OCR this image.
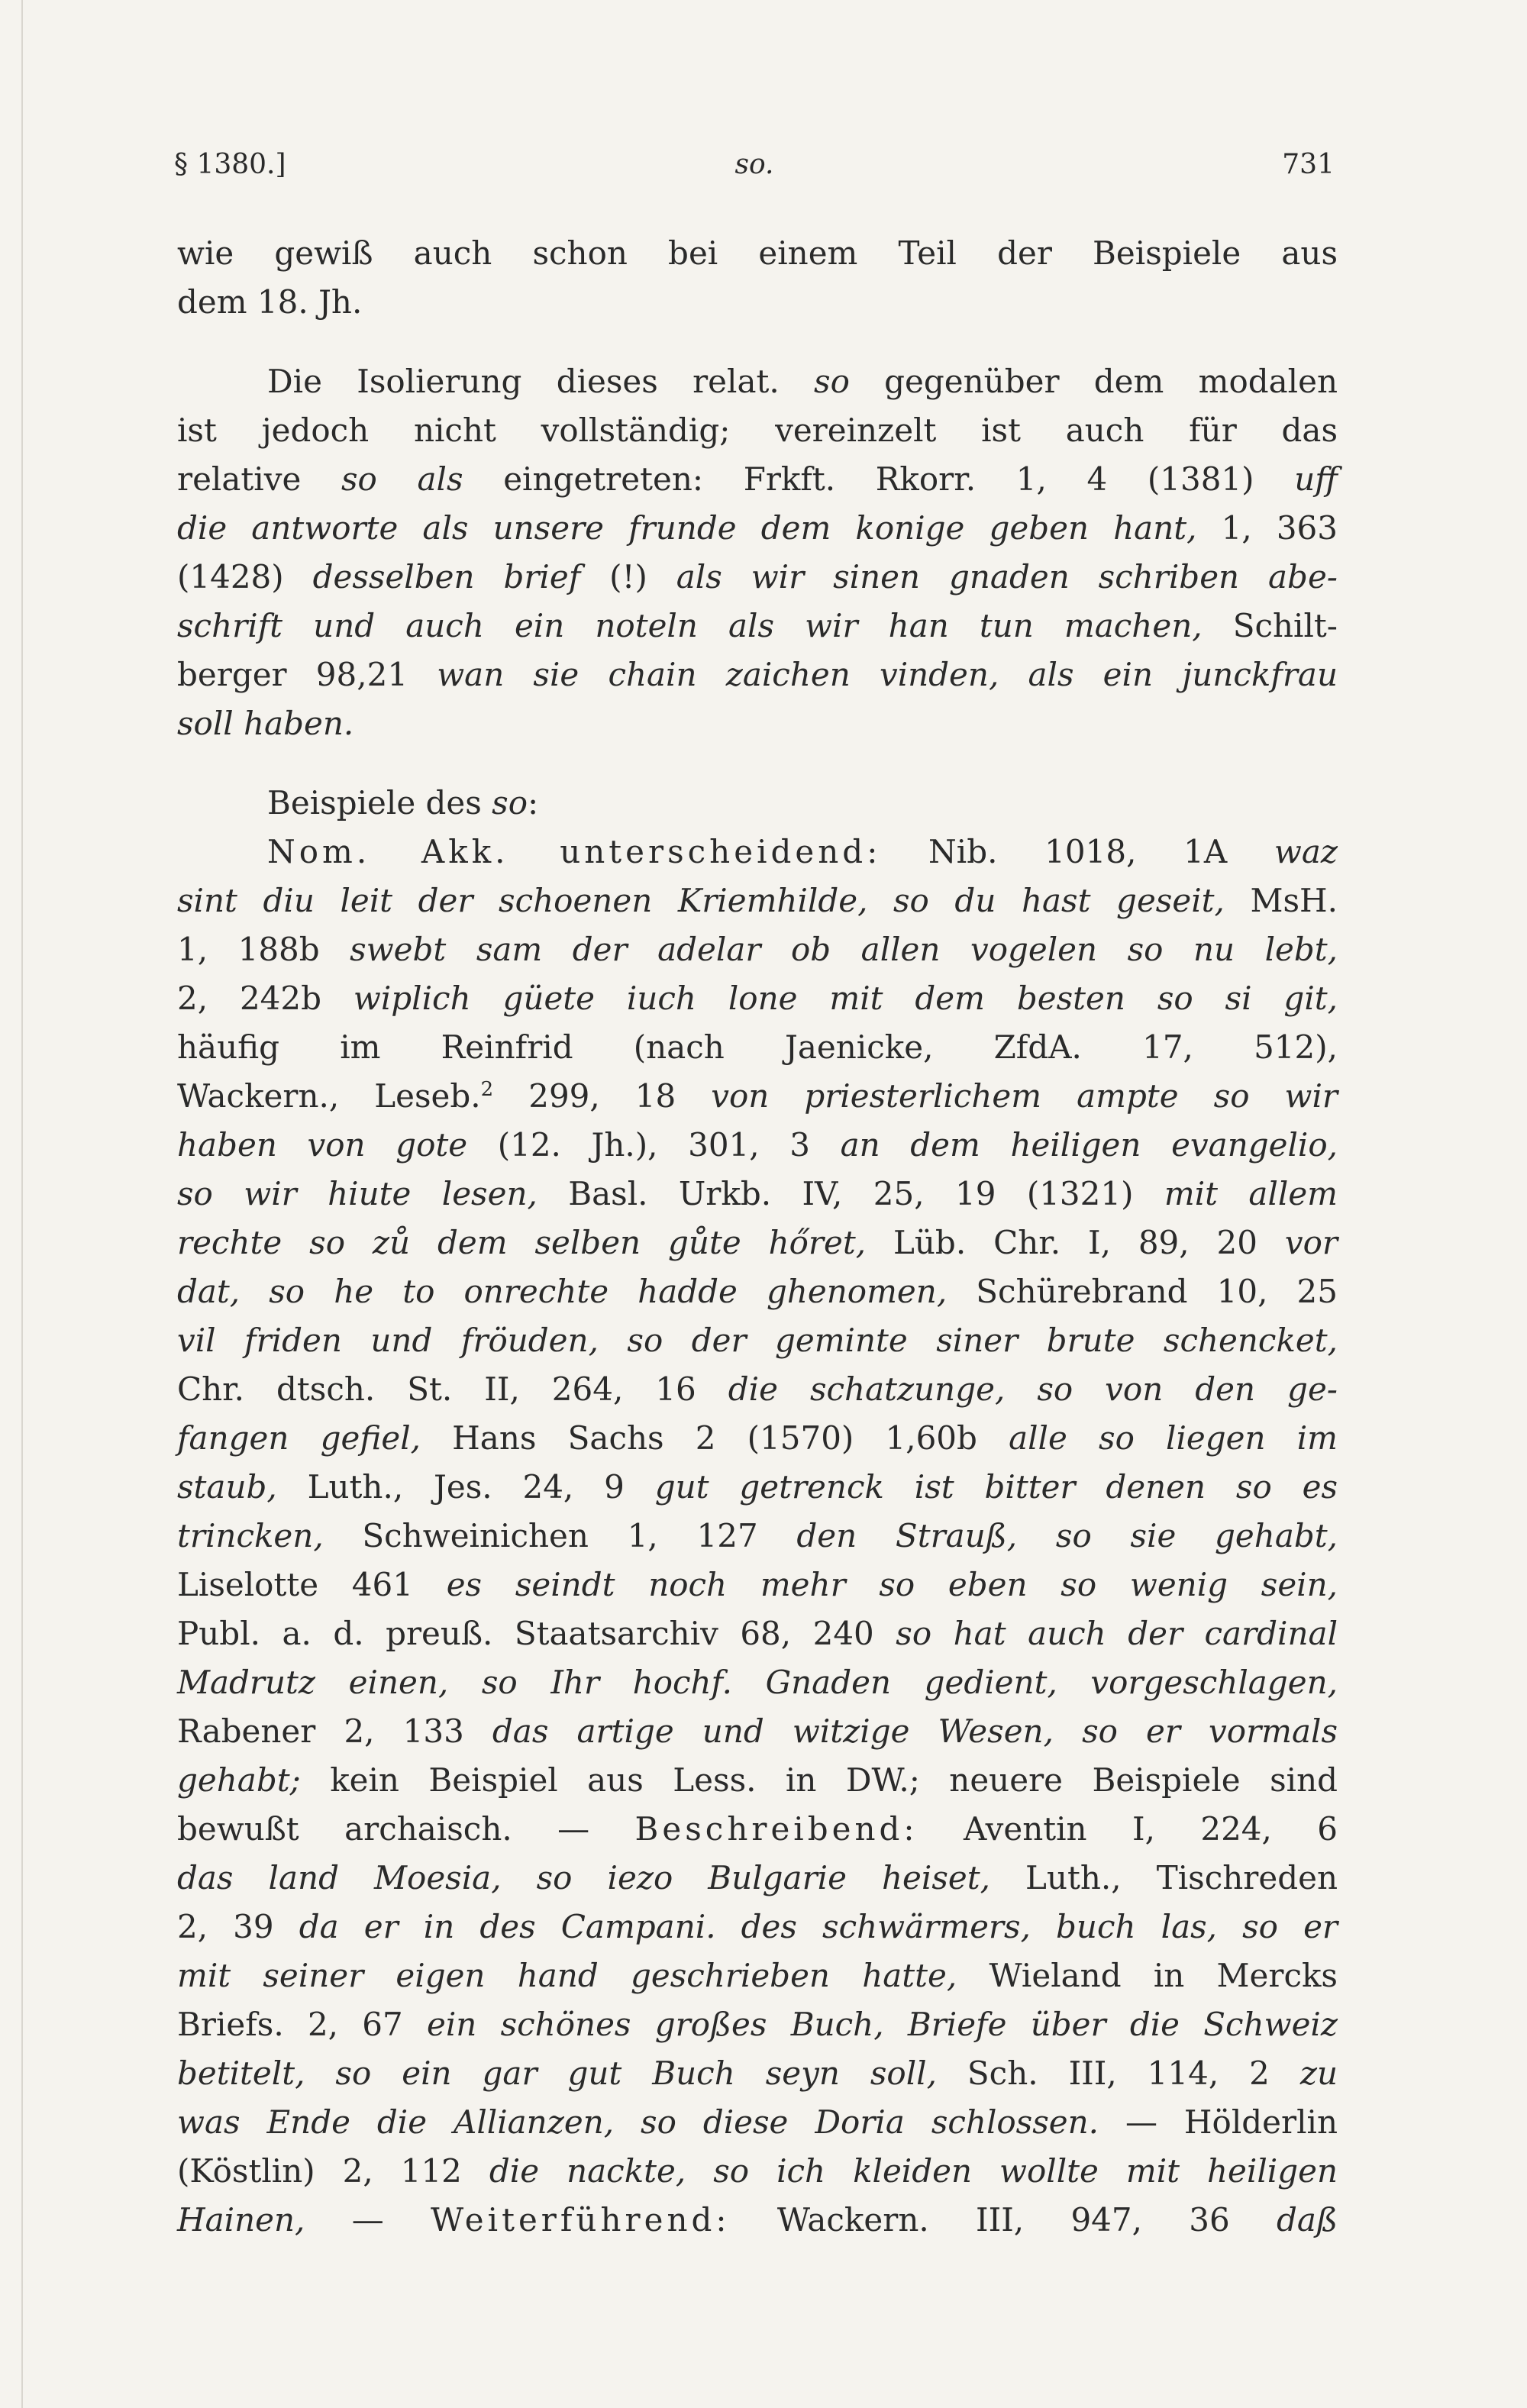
§ 1380.]	so.	731
wie gewiß auch schon bei einem Teil der Beispiele aus
dem 18. Jh.
Die Isolierung dieses relat. so gegenüber dem modalen
ist jedoch nicht vollständig; vereinzelt ist auch für das
relative so als eingetreten: Frkft. Rkorr. 1, 4 (1381) uff
die antworte als unsere frunde dem konige geben hant, 1, 363
(1428) desselben brief (!) als wir sinen gnaden schriben abe-
schrift und auch ein noteln als wir han tun machen, Schilt-
berger 98,21 wan sie chain zaichen vinden, als ein junckfrau
soll haben.
Beispiele des so:
Nom. Akk. unterscheidend: Nib. 1018, 1A waz
sint diu leit der schoenen Kriemhilde, so du hast geseit, MsH.
1, 188b swebt sam der adelar ob allen vogelen so nu lebt,
2, 242b wiplich güete iuch lone mit dem besten so si git,
häufig im Reinfrid (nach Jaenicke, ZfdA. 17, 512),
Wackern., Leseb.$^2$ 299, 18 von priesterlichem ampte so wir
haben von gote (12. Jh.), 301, 3 an dem heiligen evangelio,
so wir hiute lesen, Basl. Urkb. IV, 25, 19 (1321) mit allem
rechte so zů dem selben gůte hőret, Lüb. Chr. I, 89, 20 vor
dat, so he to onrechte hadde ghenomen, Schürebrand 10, 25
vil friden und fröuden, so der geminte siner brute schencket,
Chr. dtsch. St. II, 264, 16 die schatzunge, so von den ge-
fangen gefiel, Hans Sachs 2 (1570) 1,60b alle so liegen im
staub, Luth., Jes. 24, 9 gut getrenck ist bitter denen so es
trincken, Schweinichen 1, 127 den Strauß, so sie gehabt,
Liselotte 461 es seindt noch mehr so eben so wenig sein,
Publ. a. d. preuß. Staatsarchiv 68, 240 so hat auch der cardinal
Madrutz einen, so Ihr hochf. Gnaden gedient, vorgeschlagen,
Rabener 2, 133 das artige und witzige Wesen, so er vormals
gehabt; kein Beispiel aus Less. in DW.; neuere Beispiele sind
bewußt archaisch. — Beschreibend: Aventin I, 224, 6
das land Moesia, so iezo Bulgarie heiset, Luth., Tischreden
2, 39 da er in des Campani. des schwärmers, buch las, so er
mit seiner eigen hand geschrieben hatte, Wieland in Mercks
Briefs. 2, 67 ein schönes großes Buch, Briefe über die Schweiz
betitelt, so ein gar gut Buch seyn soll, Sch. III, 114, 2 zu
was Ende die Allianzen, so diese Doria schlossen. — Hölderlin
(Köstlin) 2, 112 die nackte, so ich kleiden wollte mit heiligen
Hainen, — Weiterführend: Wackern. III, 947, 36 daß
